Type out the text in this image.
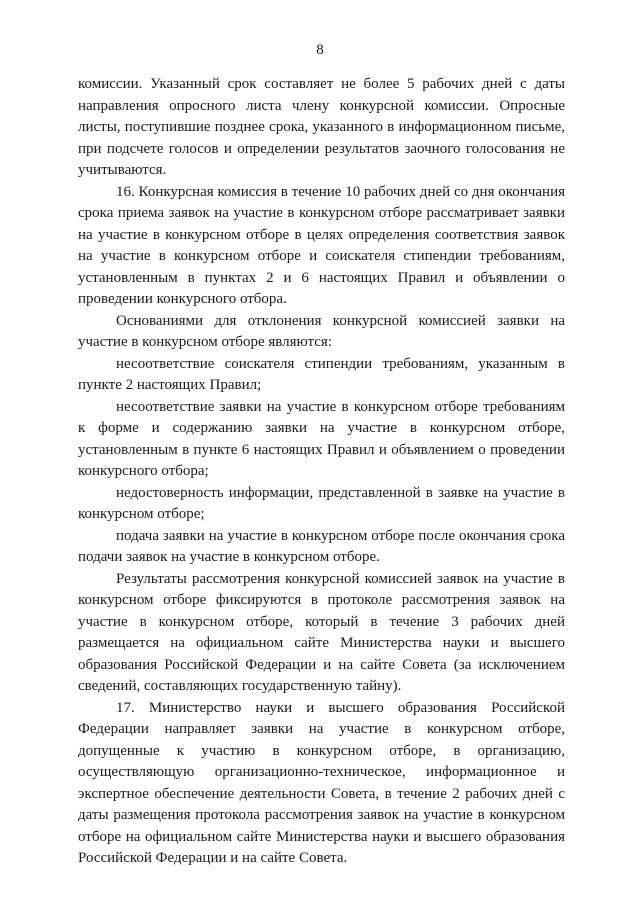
8

комиссии. Указанный срок составляет не более 5 рабочих дней с даты направления опросного листа члену конкурсной комиссии. Опросные листы, поступившие позднее срока, указанного в информационном письме, при подсчете голосов и определении результатов заочного голосования не учитываются.

16. Конкурсная комиссия в течение 10 рабочих дней со дня окончания срока приема заявок на участие в конкурсном отборе рассматривает заявки на участие в конкурсном отборе в целях определения соответствия заявок на участие в конкурсном отборе и соискателя стипендии требованиям, установленным в пунктах 2 и 6 настоящих Правил и объявлении о проведении конкурсного отбора.

Основаниями для отклонения конкурсной комиссией заявки на участие в конкурсном отборе являются:

несоответствие соискателя стипендии требованиям, указанным в пункте 2 настоящих Правил;

несоответствие заявки на участие в конкурсном отборе требованиям к форме и содержанию заявки на участие в конкурсном отборе, установленным в пункте 6 настоящих Правил и объявлением о проведении конкурсного отбора;

недостоверность информации, представленной в заявке на участие в конкурсном отборе;

подача заявки на участие в конкурсном отборе после окончания срока подачи заявок на участие в конкурсном отборе.

Результаты рассмотрения конкурсной комиссией заявок на участие в конкурсном отборе фиксируются в протоколе рассмотрения заявок на участие в конкурсном отборе, который в течение 3 рабочих дней размещается на официальном сайте Министерства науки и высшего образования Российской Федерации и на сайте Совета (за исключением сведений, составляющих государственную тайну).

17. Министерство науки и высшего образования Российской Федерации направляет заявки на участие в конкурсном отборе, допущенные к участию в конкурсном отборе, в организацию, осуществляющую организационно-техническое, информационное и экспертное обеспечение деятельности Совета, в течение 2 рабочих дней с даты размещения протокола рассмотрения заявок на участие в конкурсном отборе на официальном сайте Министерства науки и высшего образования Российской Федерации и на сайте Совета.
